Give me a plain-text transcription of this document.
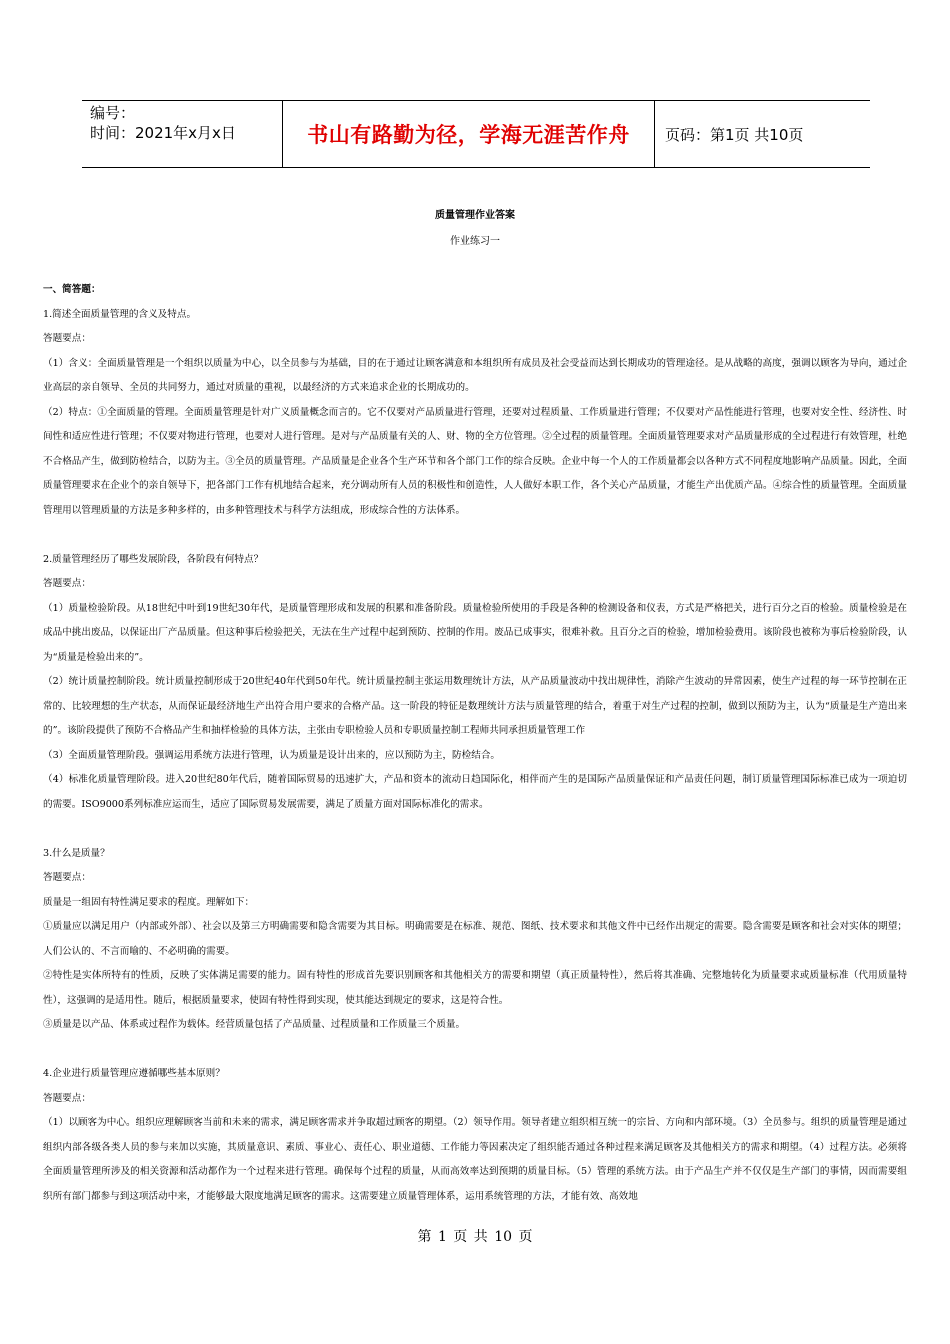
编号：
时间：2021年x月x日	书山有路勤为径，学海无涯苦作舟	页码：第1页 共10页
质量管理作业答案
作业练习一

一、简答题：

1.简述全面质量管理的含义及特点。

答题要点：

（1）含义：全面质量管理是一个组织以质量为中心，以全员参与为基础，目的在于通过让顾客满意和本组织所有成员及社会受益而达到长期成功的管理途径。是从战略的高度，强调以顾客为导向，通过企业高层的亲自领导、全员的共同努力，通过对质量的重视，以最经济的方式来追求企业的长期成功的。

（2）特点：①全面质量的管理。全面质量管理是针对广义质量概念而言的。它不仅要对产品质量进行管理，还要对过程质量、工作质量进行管理；不仅要对产品性能进行管理，也要对安全性、经济性、时间性和适应性进行管理；不仅要对物进行管理，也要对人进行管理。是对与产品质量有关的人、财、物的全方位管理。②全过程的质量管理。全面质量管理要求对产品质量形成的全过程进行有效管理，杜绝不合格品产生，做到防检结合，以防为主。③全员的质量管理。产品质量是企业各个生产环节和各个部门工作的综合反映。企业中每一个人的工作质量都会以各种方式不同程度地影响产品质量。因此，全面质量管理要求在企业个的亲自领导下，把各部门工作有机地结合起来，充分调动所有人员的积极性和创造性，人人做好本职工作，各个关心产品质量，才能生产出优质产品。④综合性的质量管理。全面质量管理用以管理质量的方法是多种多样的，由多种管理技术与科学方法组成，形成综合性的方法体系。

2.质量管理经历了哪些发展阶段，各阶段有何特点？

答题要点：

（1）质量检验阶段。从18世纪中叶到19世纪30年代，是质量管理形成和发展的积累和准备阶段。质量检验所使用的手段是各种的检测设备和仪表，方式是严格把关，进行百分之百的检验。质量检验是在成品中挑出废品，以保证出厂产品质量。但这种事后检验把关，无法在生产过程中起到预防、控制的作用。废品已成事实，很难补救。且百分之百的检验，增加检验费用。该阶段也被称为事后检验阶段，认为“质量是检验出来的”。

（2）统计质量控制阶段。统计质量控制形成于20世纪40年代到50年代。统计质量控制主张运用数理统计方法，从产品质量波动中找出规律性，消除产生波动的异常因素，使生产过程的每一环节控制在正常的、比较理想的生产状态，从而保证最经济地生产出符合用户要求的合格产品。这一阶段的特征是数理统计方法与质量管理的结合，着重于对生产过程的控制，做到以预防为主，认为“质量是生产造出来的”。该阶段提供了预防不合格品产生和抽样检验的具体方法，主张由专职检验人员和专职质量控制工程师共同承担质量管理工作

（3）全面质量管理阶段。强调运用系统方法进行管理，认为质量是设计出来的，应以预防为主，防检结合。

（4）标准化质量管理阶段。进入20世纪80年代后，随着国际贸易的迅速扩大，产品和资本的流动日趋国际化，相伴而产生的是国际产品质量保证和产品责任问题，制订质量管理国际标准已成为一项迫切的需要。ISO9000系列标准应运而生，适应了国际贸易发展需要，满足了质量方面对国际标准化的需求。

3.什么是质量？

答题要点：

质量是一组固有特性满足要求的程度。理解如下：

①质量应以满足用户（内部或外部）、社会以及第三方明确需要和隐含需要为其目标。明确需要是在标准、规范、图纸、技术要求和其他文件中已经作出规定的需要。隐含需要是顾客和社会对实体的期望；人们公认的、不言而喻的、不必明确的需要。

②特性是实体所特有的性质，反映了实体满足需要的能力。固有特性的形成首先要识别顾客和其他相关方的需要和期望（真正质量特性），然后将其准确、完整地转化为质量要求或质量标准（代用质量特性），这强调的是适用性。随后，根据质量要求，使固有特性得到实现，使其能达到规定的要求，这是符合性。

③质量是以产品、体系或过程作为载体。经营质量包括了产品质量、过程质量和工作质量三个质量。

4.企业进行质量管理应遵循哪些基本原则？

答题要点：

（1）以顾客为中心。组织应理解顾客当前和未来的需求，满足顾客需求并争取超过顾客的期望。（2）领导作用。领导者建立组织相互统一的宗旨、方向和内部环境。（3）全员参与。组织的质量管理是通过组织内部各级各类人员的参与来加以实施，其质量意识、素质、事业心、责任心、职业道德、工作能力等因素决定了组织能否通过各种过程来满足顾客及其他相关方的需求和期望。（4）过程方法。必须将全面质量管理所涉及的相关资源和活动都作为一个过程来进行管理。确保每个过程的质量，从而高效率达到预期的质量目标。（5）管理的系统方法。由于产品生产并不仅仅是生产部门的事情，因而需要组织所有部门都参与到这项活动中来，才能够最大限度地满足顾客的需求。这需要建立质量管理体系，运用系统管理的方法，才能有效、高效地

第 1 页 共 10 页
